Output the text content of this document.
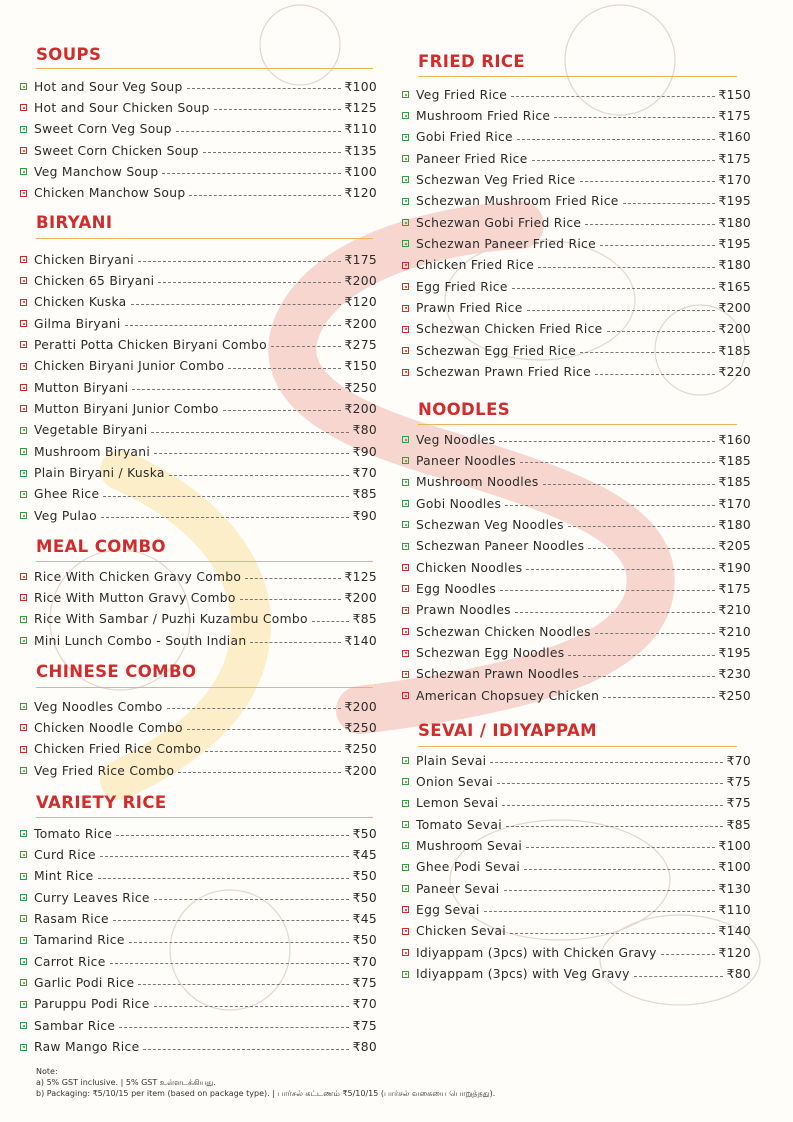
SOUPS
Hot and Sour Veg Soup	₹100
Hot and Sour Chicken Soup	₹125
Sweet Corn Veg Soup	₹110
Sweet Corn Chicken Soup	₹135
Veg Manchow Soup	₹100
Chicken Manchow Soup	₹120
BIRYANI
Chicken Biryani	₹175
Chicken 65 Biryani	₹200
Chicken Kuska	₹120
Gilma Biryani	₹200
Peratti Potta Chicken Biryani Combo	₹275
Chicken Biryani Junior Combo	₹150
Mutton Biryani	₹250
Mutton Biryani Junior Combo	₹200
Vegetable Biryani	₹80
Mushroom Biryani	₹90
Plain Biryani / Kuska	₹70
Ghee Rice	₹85
Veg Pulao	₹90
MEAL COMBO
Rice With Chicken Gravy Combo	₹125
Rice With Mutton Gravy Combo	₹200
Rice With Sambar / Puzhi Kuzambu Combo	₹85
Mini Lunch Combo - South Indian	₹140
CHINESE COMBO
Veg Noodles Combo	₹200
Chicken Noodle Combo	₹250
Chicken Fried Rice Combo	₹250
Veg Fried Rice Combo	₹200
VARIETY RICE
Tomato Rice	₹50
Curd Rice	₹45
Mint Rice	₹50
Curry Leaves Rice	₹50
Rasam Rice	₹45
Tamarind Rice	₹50
Carrot Rice	₹70
Garlic Podi Rice	₹75
Paruppu Podi Rice	₹70
Sambar Rice	₹75
Raw Mango Rice	₹80
FRIED RICE
Veg Fried Rice	₹150
Mushroom Fried Rice	₹175
Gobi Fried Rice	₹160
Paneer Fried Rice	₹175
Schezwan Veg Fried Rice	₹170
Schezwan Mushroom Fried Rice	₹195
Schezwan Gobi Fried Rice	₹180
Schezwan Paneer Fried Rice	₹195
Chicken Fried Rice	₹180
Egg Fried Rice	₹165
Prawn Fried Rice	₹200
Schezwan Chicken Fried Rice	₹200
Schezwan Egg Fried Rice	₹185
Schezwan Prawn Fried Rice	₹220
NOODLES
Veg Noodles	₹160
Paneer Noodles	₹185
Mushroom Noodles	₹185
Gobi Noodles	₹170
Schezwan Veg Noodles	₹180
Schezwan Paneer Noodles	₹205
Chicken Noodles	₹190
Egg Noodles	₹175
Prawn Noodles	₹210
Schezwan Chicken Noodles	₹210
Schezwan Egg Noodles	₹195
Schezwan Prawn Noodles	₹230
American Chopsuey Chicken	₹250
SEVAI / IDIYAPPAM
Plain Sevai	₹70
Onion Sevai	₹75
Lemon Sevai	₹75
Tomato Sevai	₹85
Mushroom Sevai	₹100
Ghee Podi Sevai	₹100
Paneer Sevai	₹130
Egg Sevai	₹110
Chicken Sevai	₹140
Idiyappam (3pcs) with Chicken Gravy	₹120
Idiyappam (3pcs) with Veg Gravy	₹80
Note:
a) 5% GST inclusive. | 5% GST உள்ளடக்கியது.
b) Packaging: ₹5/10/15 per item (based on package type). | பார்சல் கட்டணம் ₹5/10/15 (பார்சல் வகையை பொறுத்தது).
